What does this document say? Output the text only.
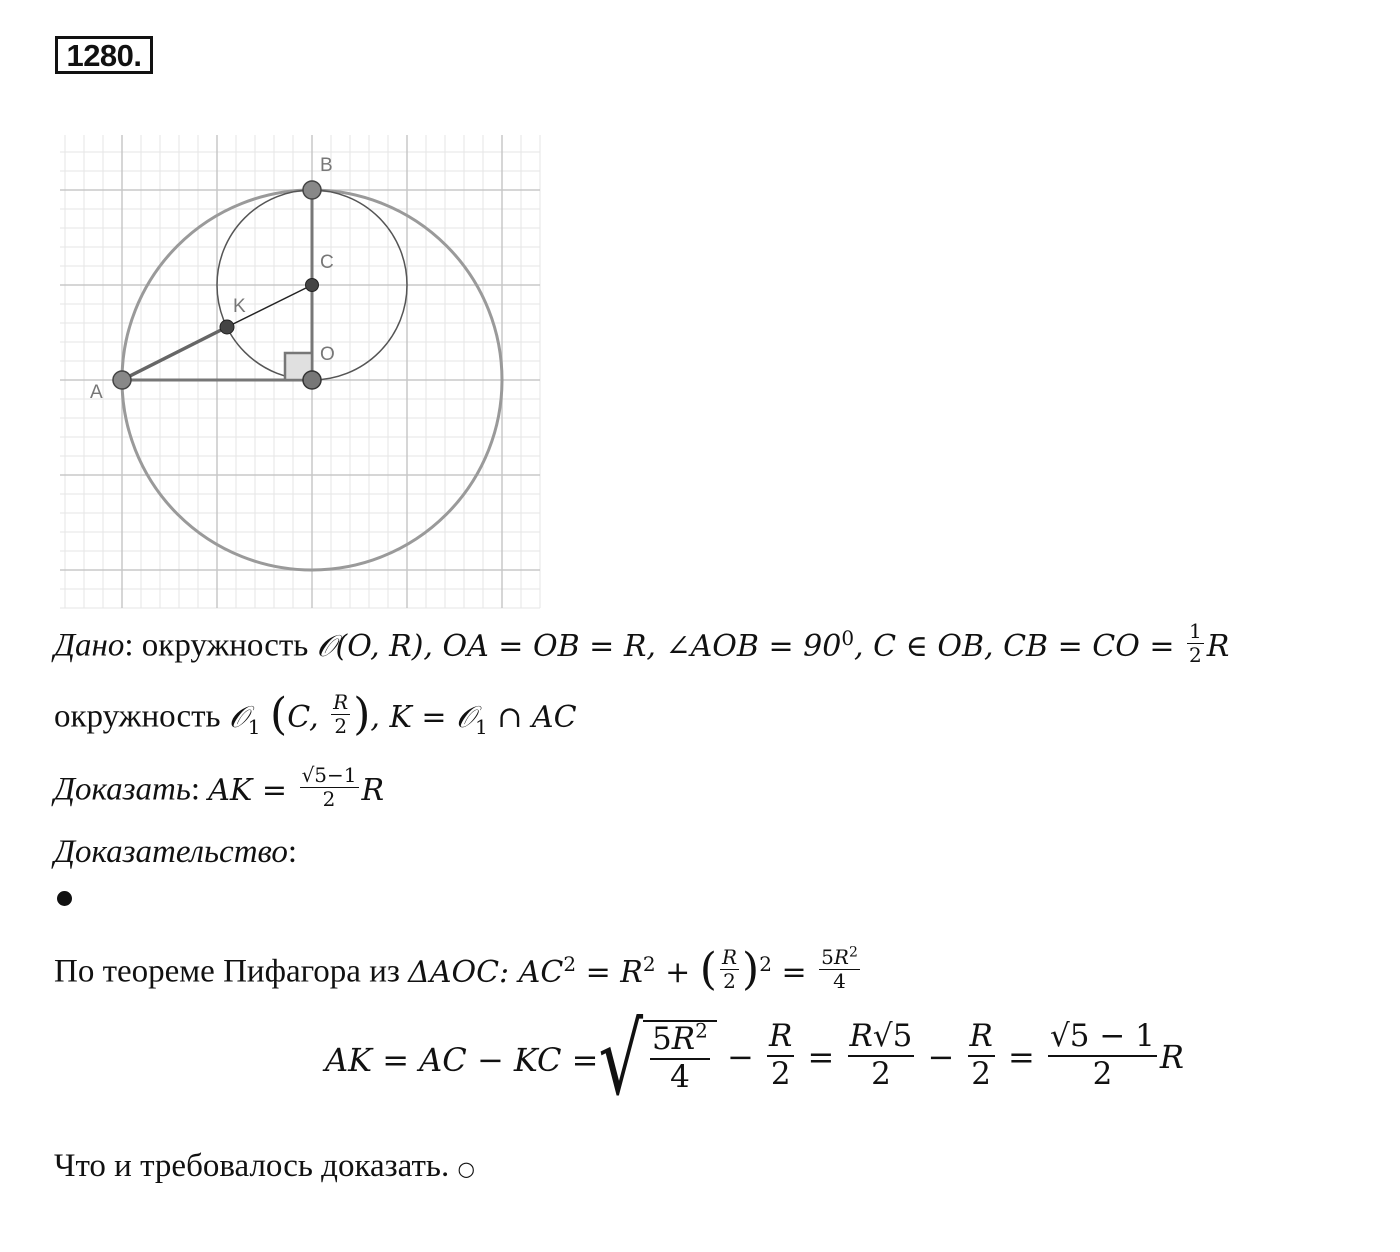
1280.
B
C
K
O
A
Дано: окружность 𝒪(O, R), OA = OB = R, ∠AOB = $90^0$, C ∈ OB, CB = CO = $\frac{1}{2}$ R
окружность 𝒪$_1$ (C, $\frac{R}{2}$ ), K = 𝒪$_1$ ∩ AC
Доказать: AK = $\frac{√5-1}{2}$ R
Доказательство:
По теореме Пифагора из ΔAOC: $AC^2 = R^2$ + ( $\frac{R}{2} )^2 = \frac{5R^2}{4}$
AK = AC − KC = √ $\frac{5R^2}{4} - \frac{R}{2} = \frac{R√5}{2} - \frac{R}{2} = \frac{√5 - 1}{2}$ R
Что и требовалось доказать. ○
